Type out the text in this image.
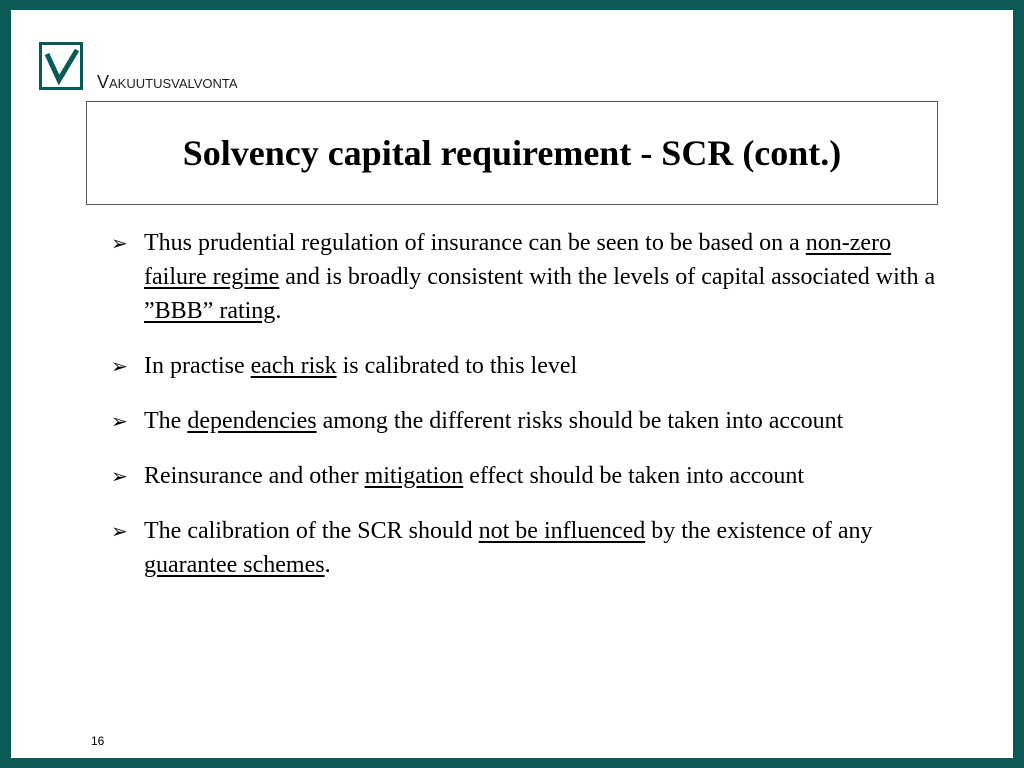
Vakuutusvalvonta
Solvency capital requirement - SCR (cont.)
➢ Thus prudential regulation of insurance can be seen to be based on a non-zero failure regime and is broadly consistent with the levels of capital associated with a ”BBB” rating.
➢ In practise each risk is calibrated to this level
➢ The dependencies among the different risks should be taken into account
➢ Reinsurance and other mitigation effect should be taken into account
➢ The calibration of the SCR should not be influenced by the existence of any guarantee schemes.
16
